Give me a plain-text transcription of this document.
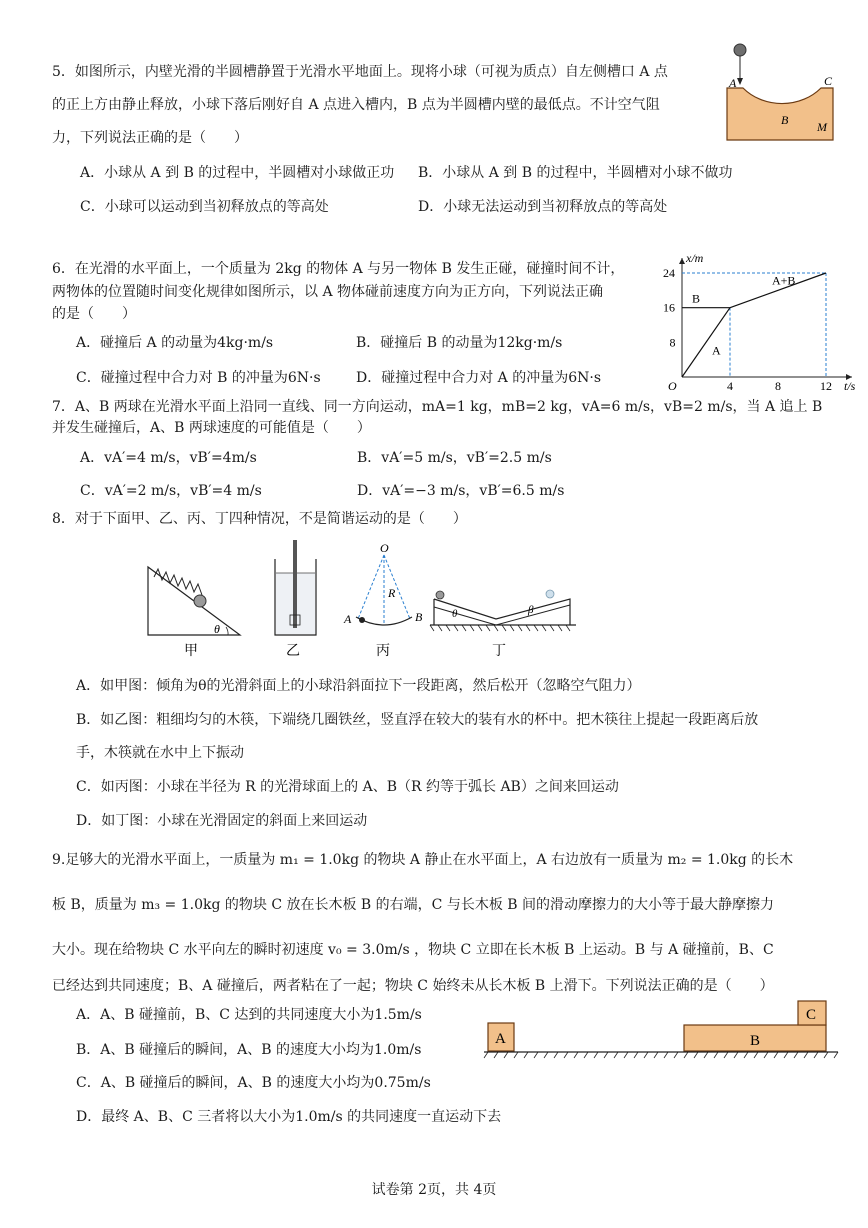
5．如图所示，内壁光滑的半圆槽静置于光滑水平地面上。现将小球（可视为质点）自左侧槽口 A 点
的正上方由静止释放，小球下落后刚好自 A 点进入槽内，B 点为半圆槽内壁的最低点。不计空气阻
力，下列说法正确的是（　　）
A．小球从 A 到 B 的过程中，半圆槽对小球做正功 B．小球从 A 到 B 的过程中，半圆槽对小球不做功
C．小球可以运动到当初释放点的等高处	D．小球无法运动到当初释放点的等高处
A	C
B M
6．在光滑的水平面上，一个质量为 2kg 的物体 A 与另一物体 B 发生正碰，碰撞时间不计，
两物体的位置随时间变化规律如图所示，以 A 物体碰前速度方向为正方向，下列说法正确
的是（　　）
A．碰撞后 A 的动量为4kg·m/s	B．碰撞后 B 的动量为12kg·m/s
C．碰撞过程中合力对 B 的冲量为6N·s	D．碰撞过程中合力对 A 的冲量为6N·s
A
B
A+B
4	8	12
8
16
24
O	t/s
x/m
7．A、B 两球在光滑水平面上沿同一直线、同一方向运动，mA=1 kg，mB=2 kg，vA=6 m/s，vB=2 m/s，当 A 追上 B
并发生碰撞后，A、B 两球速度的可能值是（　　）
A．vA′=4 m/s，vB′=4m/s	B．vA′=5 m/s，vB′=2.5 m/s
C．vA′=2 m/s，vB′=4 m/s	D．vA′=−3 m/s，vB′=6.5 m/s
8．对于下面甲、乙、丙、丁四种情况，不是简谐运动的是（　　）
θ
甲	乙
O
R
A	B
丙
θ	β
丁
A．如甲图：倾角为θ的光滑斜面上的小球沿斜面拉下一段距离，然后松开（忽略空气阻力）
B．如乙图：粗细均匀的木筷，下端绕几圈铁丝，竖直浮在较大的装有水的杯中。把木筷往上提起一段距离后放
手，木筷就在水中上下振动
C．如丙图：小球在半径为 R 的光滑球面上的 A、B（R 约等于弧长 AB）之间来回运动
D．如丁图：小球在光滑固定的斜面上来回运动
9.足够大的光滑水平面上，一质量为 m₁ = 1.0kg 的物块 A 静止在水平面上，A 右边放有一质量为 m₂ = 1.0kg 的长木
板 B，质量为 m₃ = 1.0kg 的物块 C 放在长木板 B 的右端，C 与长木板 B 间的滑动摩擦力的大小等于最大静摩擦力
大小。现在给物块 C 水平向左的瞬时初速度 v₀ = 3.0m/s ，物块 C 立即在长木板 B 上运动。B 与 A 碰撞前，B、C
已经达到共同速度；B、A 碰撞后，两者粘在了一起；物块 C 始终未从长木板 B 上滑下。下列说法正确的是（　　）
A．A、B 碰撞前，B、C 达到的共同速度大小为1.5m/s
B．A、B 碰撞后的瞬间，A、B 的速度大小均为1.0m/s
C．A、B 碰撞后的瞬间，A、B 的速度大小均为0.75m/s
D．最终 A、B、C 三者将以大小为1.0m/s 的共同速度一直运动下去
A	B
C
试卷第 2页，共 4页
